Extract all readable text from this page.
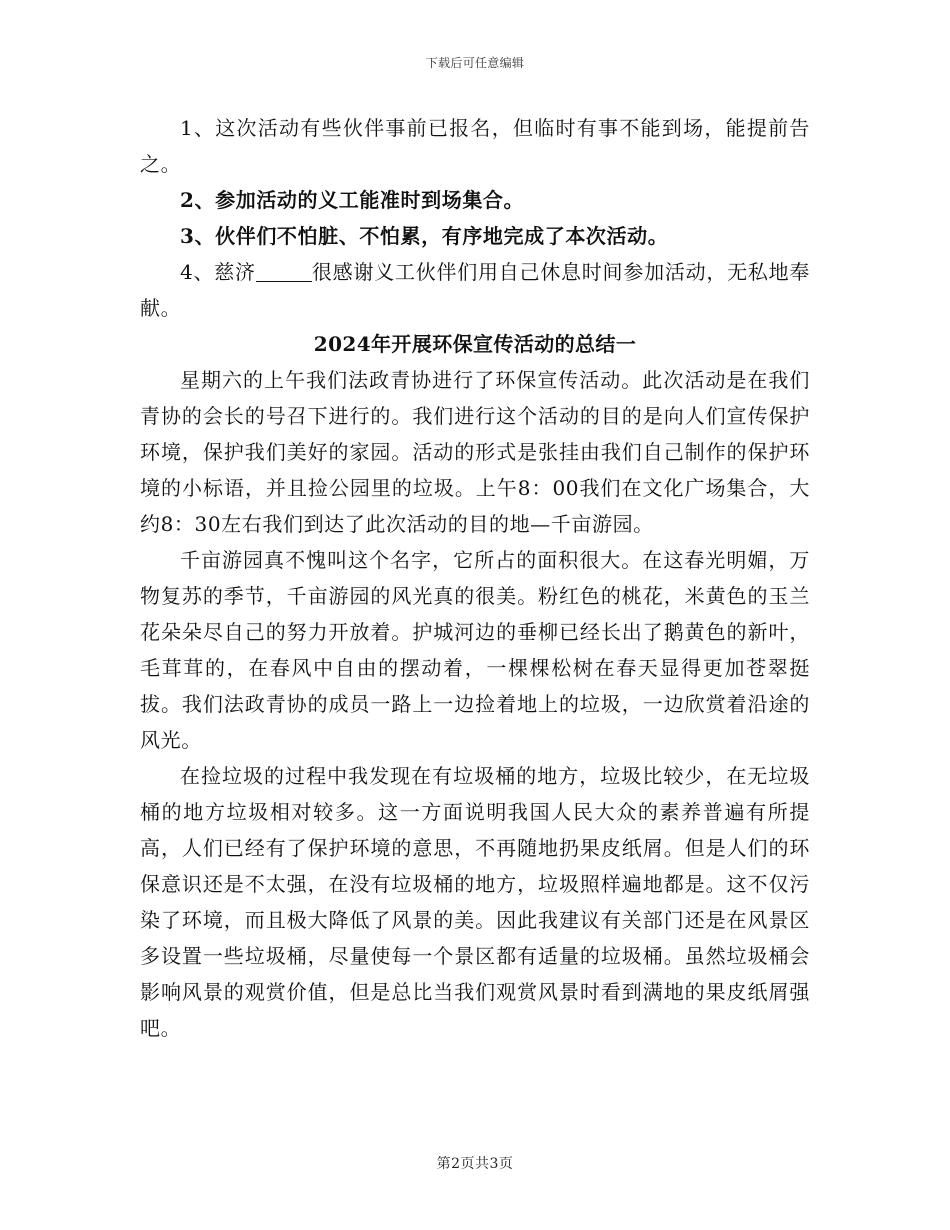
下载后可任意编辑

1、这次活动有些伙伴事前已报名，但临时有事不能到场，能提前告之。

2、参加活动的义工能准时到场集合。

3、伙伴们不怕脏、不怕累，有序地完成了本次活动。

4、慈济	很感谢义工伙伴们用自己休息时间参加活动，无私地奉献。

2024年开展环保宣传活动的总结一

星期六的上午我们法政青协进行了环保宣传活动。此次活动是在我们青协的会长的号召下进行的。我们进行这个活动的目的是向人们宣传保护环境，保护我们美好的家园。活动的形式是张挂由我们自己制作的保护环境的小标语，并且捡公园里的垃圾。上午8：00我们在文化广场集合，大约8：30左右我们到达了此次活动的目的地—千亩游园。

千亩游园真不愧叫这个名字，它所占的面积很大。在这春光明媚，万物复苏的季节，千亩游园的风光真的很美。粉红色的桃花，米黄色的玉兰花朵朵尽自己的努力开放着。护城河边的垂柳已经长出了鹅黄色的新叶，毛茸茸的，在春风中自由的摆动着，一棵棵松树在春天显得更加苍翠挺拔。我们法政青协的成员一路上一边捡着地上的垃圾，一边欣赏着沿途的风光。

在捡垃圾的过程中我发现在有垃圾桶的地方，垃圾比较少，在无垃圾桶的地方垃圾相对较多。这一方面说明我国人民大众的素养普遍有所提高，人们已经有了保护环境的意思，不再随地扔果皮纸屑。但是人们的环保意识还是不太强，在没有垃圾桶的地方，垃圾照样遍地都是。这不仅污染了环境，而且极大降低了风景的美。因此我建议有关部门还是在风景区多设置一些垃圾桶，尽量使每一个景区都有适量的垃圾桶。虽然垃圾桶会影响风景的观赏价值，但是总比当我们观赏风景时看到满地的果皮纸屑强吧。

第2页共3页
